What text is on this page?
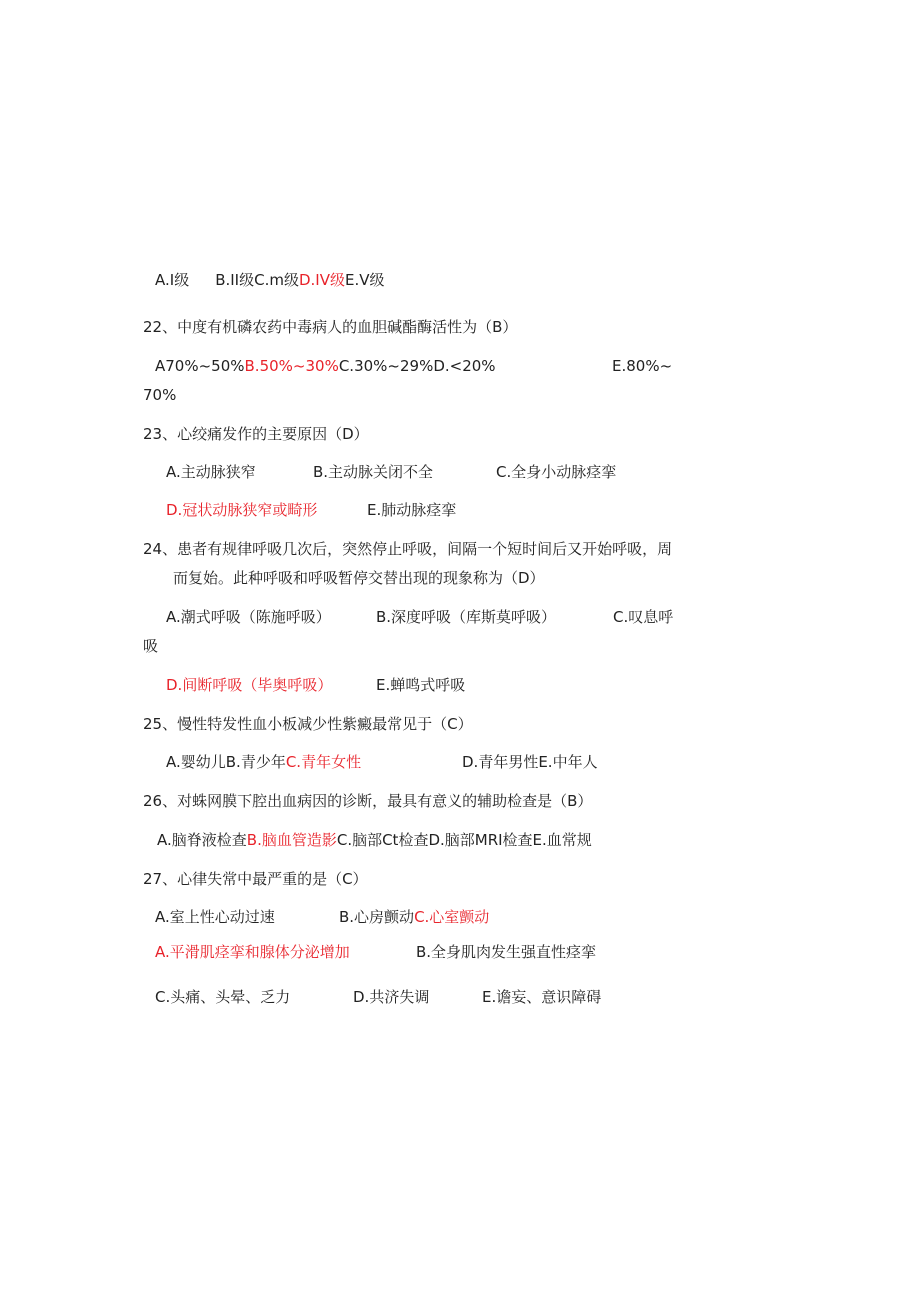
A.I级 B.II级C.m级D.IV级E.V级
22、中度有机磷农药中毒病人的血胆碱酯酶活性为（B）
A70%~50%B.50%~30%C.30%~29%D.<20%	E.80%~
70%
23、心绞痛发作的主要原因（D）
A.主动脉狭窄	B.主动脉关闭不全	C.全身小动脉痉挛
D.冠状动脉狭窄或畸形	E.肺动脉痉挛
24、患者有规律呼吸几次后，突然停止呼吸，间隔一个短时间后又开始呼吸，周
而复始。此种呼吸和呼吸暂停交替出现的现象称为（D）
A.潮式呼吸（陈施呼吸）	B.深度呼吸（库斯莫呼吸）	C.叹息呼
吸
D.间断呼吸（毕奥呼吸）	E.蝉鸣式呼吸
25、慢性特发性血小板减少性紫癜最常见于（C）
A.婴幼儿B.青少年C.青年女性	D.青年男性E.中年人
26、对蛛网膜下腔出血病因的诊断，最具有意义的辅助检查是（B）
A.脑脊液检查B.脑血管造影C.脑部Ct检查D.脑部MRI检查E.血常规
27、心律失常中最严重的是（C）
A.室上性心动过速	B.心房颤动C.心室颤动
A.平滑肌痉挛和腺体分泌增加	B.全身肌肉发生强直性痉挛
C.头痛、头晕、乏力	D.共济失调	E.谵妄、意识障碍
